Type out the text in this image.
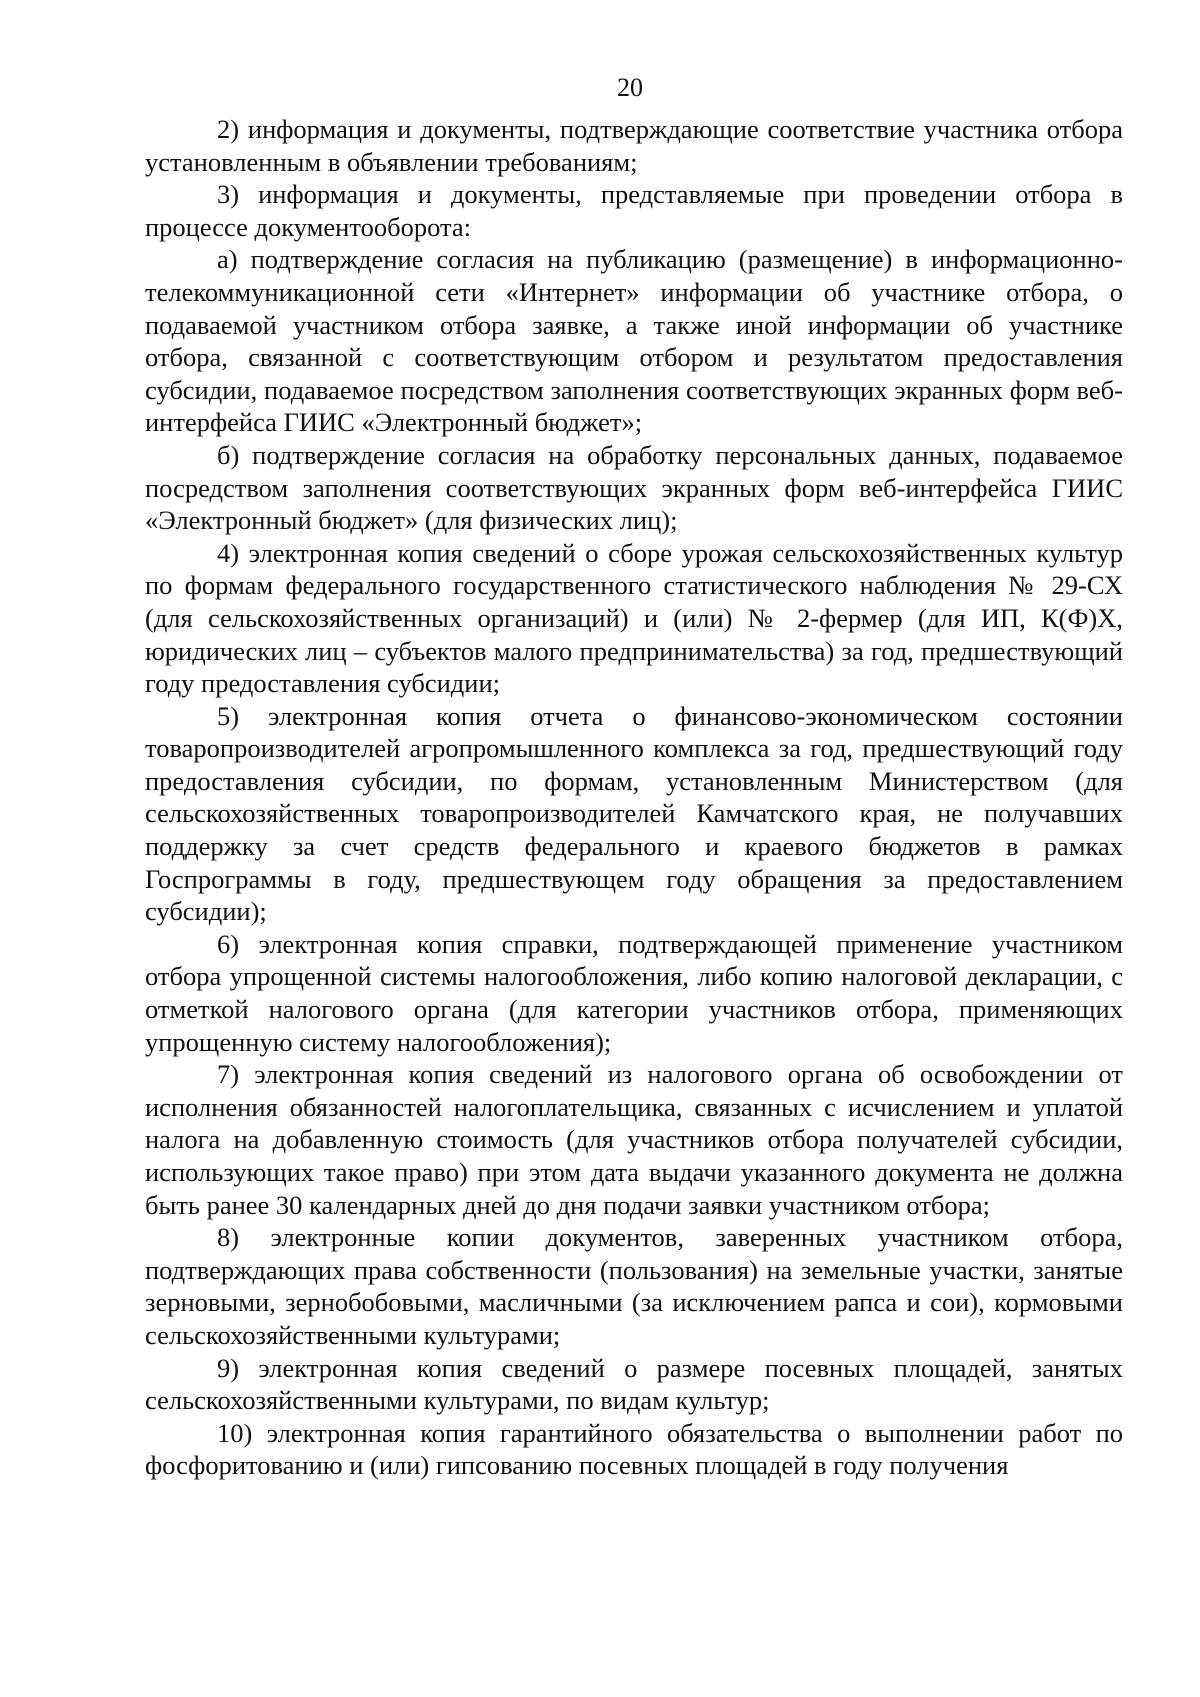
20

2) информация и документы, подтверждающие соответствие участника отбора установленным в объявлении требованиям;

3) информация и документы, представляемые при проведении отбора в процессе документооборота:

а) подтверждение согласия на публикацию (размещение) в информационно-телекоммуникационной сети «Интернет» информации об участнике отбора, о подаваемой участником отбора заявке, а также иной информации об участнике отбора, связанной с соответствующим отбором и результатом предоставления субсидии, подаваемое посредством заполнения соответствующих экранных форм веб-интерфейса ГИИС «Электронный бюджет»;

б) подтверждение согласия на обработку персональных данных, подаваемое посредством заполнения соответствующих экранных форм веб-интерфейса ГИИС «Электронный бюджет» (для физических лиц);

4) электронная копия сведений о сборе урожая сельскохозяйственных культур по формам федерального государственного статистического наблюдения № 29-СХ (для сельскохозяйственных организаций) и (или) № 2-фермер (для ИП, К(Ф)Х, юридических лиц – субъектов малого предпринимательства) за год, предшествующий году предоставления субсидии;

5) электронная копия отчета о финансово-экономическом состоянии товаропроизводителей агропромышленного комплекса за год, предшествующий году предоставления субсидии, по формам, установленным Министерством (для сельскохозяйственных товаропроизводителей Камчатского края, не получавших поддержку за счет средств федерального и краевого бюджетов в рамках Госпрограммы в году, предшествующем году обращения за предоставлением субсидии);

6) электронная копия справки, подтверждающей применение участником отбора упрощенной системы налогообложения, либо копию налоговой декларации, с отметкой налогового органа (для категории участников отбора, применяющих упрощенную систему налогообложения);

7) электронная копия сведений из налогового органа об освобождении от исполнения обязанностей налогоплательщика, связанных с исчислением и уплатой налога на добавленную стоимость (для участников отбора получателей субсидии, использующих такое право) при этом дата выдачи указанного документа не должна быть ранее 30 календарных дней до дня подачи заявки участником отбора;

8) электронные копии документов, заверенных участником отбора, подтверждающих права собственности (пользования) на земельные участки, занятые зерновыми, зернобобовыми, масличными (за исключением рапса и сои), кормовыми сельскохозяйственными культурами;

9) электронная копия сведений о размере посевных площадей, занятых сельскохозяйственными культурами, по видам культур;

10) электронная копия гарантийного обязательства о выполнении работ по фосфоритованию и (или) гипсованию посевных площадей в году получения
